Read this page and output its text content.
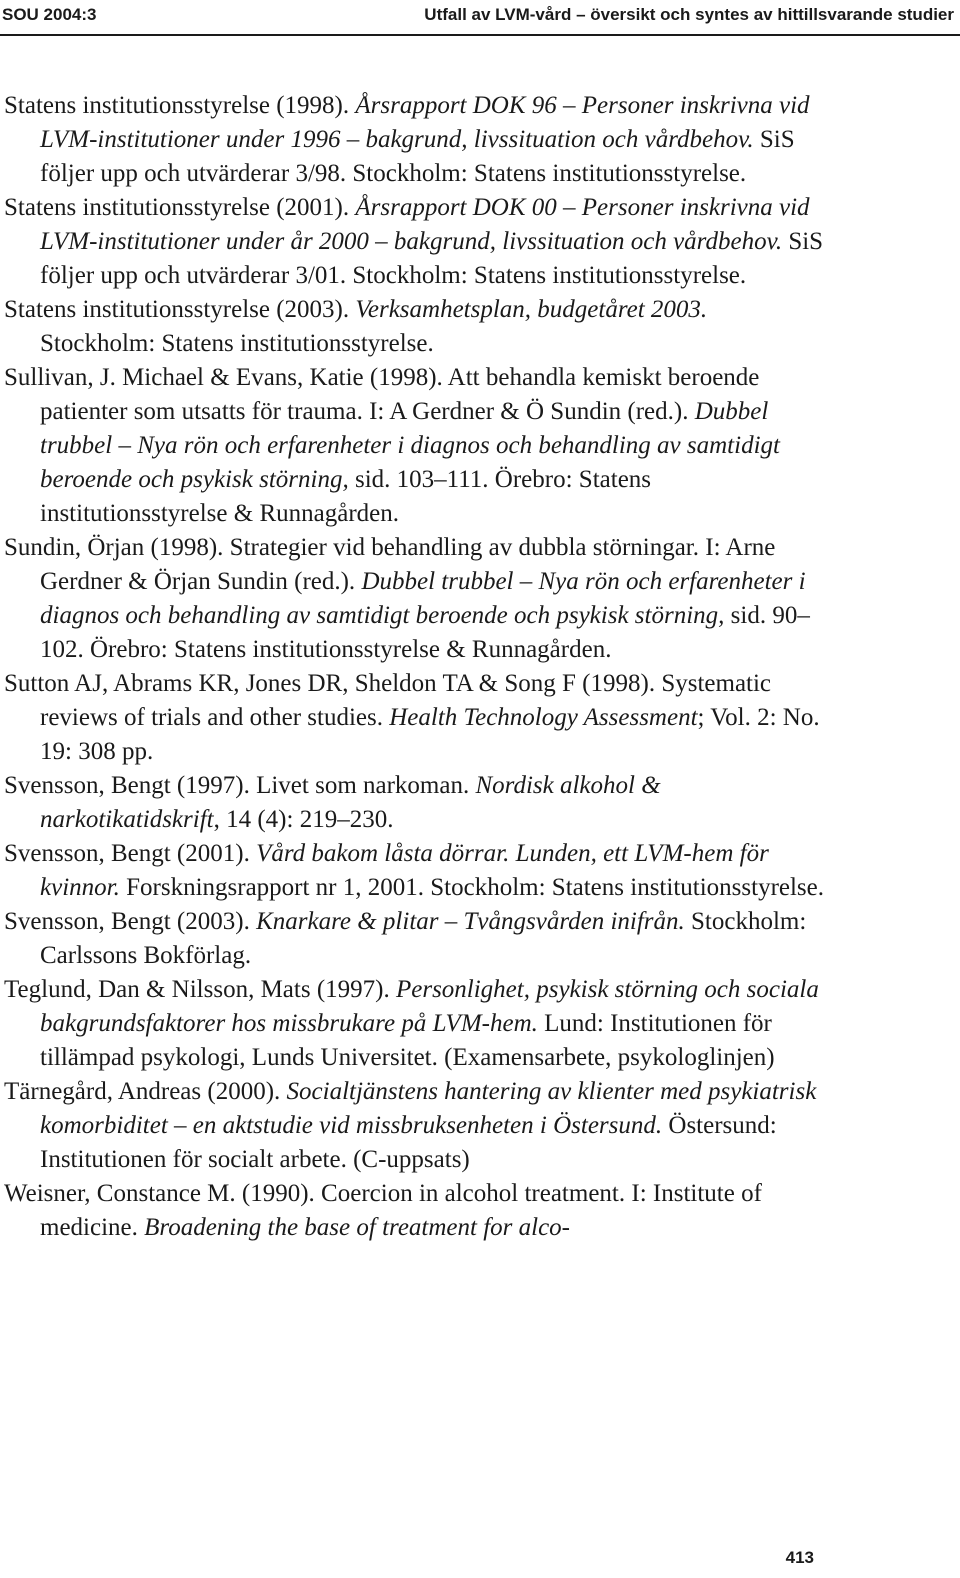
SOU 2004:3	Utfall av LVM-vård – översikt och syntes av hittillsvarande studier

Statens institutionsstyrelse (1998). Årsrapport DOK 96 – Personer inskrivna vid LVM-institutioner under 1996 – bakgrund, livssituation och vårdbehov. SiS följer upp och utvärderar 3/98. Stockholm: Statens institutionsstyrelse.

Statens institutionsstyrelse (2001). Årsrapport DOK 00 – Personer inskrivna vid LVM-institutioner under år 2000 – bakgrund, livssituation och vårdbehov. SiS följer upp och utvärderar 3/01. Stockholm: Statens institutionsstyrelse.

Statens institutionsstyrelse (2003). Verksamhetsplan, budgetåret 2003. Stockholm: Statens institutionsstyrelse.

Sullivan, J. Michael & Evans, Katie (1998). Att behandla kemiskt beroende patienter som utsatts för trauma. I: A Gerdner & Ö Sundin (red.). Dubbel trubbel – Nya rön och erfarenheter i diagnos och behandling av samtidigt beroende och psykisk störning, sid. 103–111. Örebro: Statens institutionsstyrelse & Runnagården.

Sundin, Örjan (1998). Strategier vid behandling av dubbla störningar. I: Arne Gerdner & Örjan Sundin (red.). Dubbel trubbel – Nya rön och erfarenheter i diagnos och behandling av samtidigt beroende och psykisk störning, sid. 90–102. Örebro: Statens institutionsstyrelse & Runnagården.

Sutton AJ, Abrams KR, Jones DR, Sheldon TA & Song F (1998). Systematic reviews of trials and other studies. Health Technology Assessment; Vol. 2: No. 19: 308 pp.

Svensson, Bengt (1997). Livet som narkoman. Nordisk alkohol & narkotikatidskrift, 14 (4): 219–230.

Svensson, Bengt (2001). Vård bakom låsta dörrar. Lunden, ett LVM-hem för kvinnor. Forskningsrapport nr 1, 2001. Stockholm: Statens institutionsstyrelse.

Svensson, Bengt (2003). Knarkare & plitar – Tvångsvården inifrån. Stockholm: Carlssons Bokförlag.

Teglund, Dan & Nilsson, Mats (1997). Personlighet, psykisk störning och sociala bakgrundsfaktorer hos missbrukare på LVM-hem. Lund: Institutionen för tillämpad psykologi, Lunds Universitet. (Examensarbete, psykologlinjen)

Tärnegård, Andreas (2000). Socialtjänstens hantering av klienter med psykiatrisk komorbiditet – en aktstudie vid missbruksenheten i Östersund. Östersund: Institutionen för socialt arbete. (C-uppsats)

Weisner, Constance M. (1990). Coercion in alcohol treatment. I: Institute of medicine. Broadening the base of treatment for alco-

413
